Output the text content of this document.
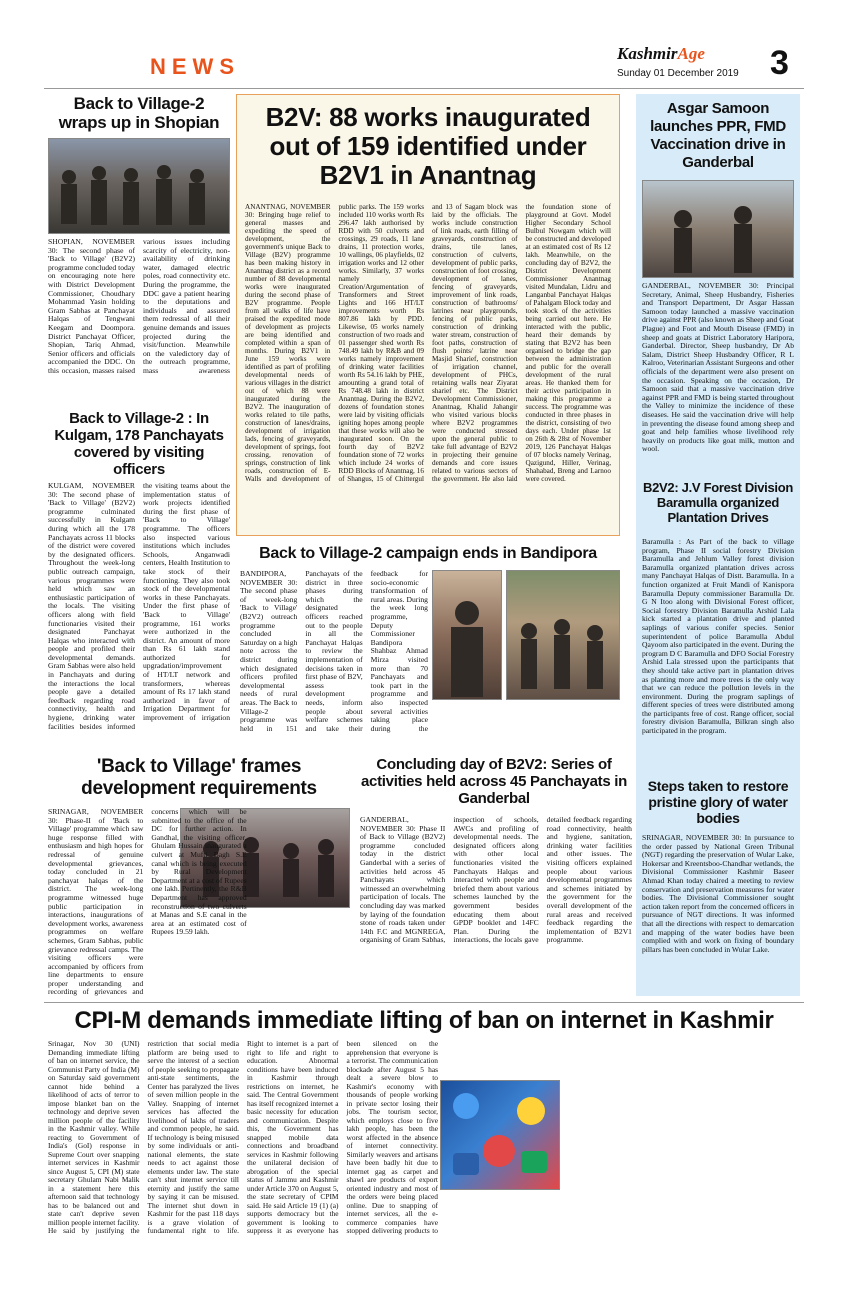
NEWS
KashmirAge
Sunday 01 December 2019 3
Back to Village-2 wraps up in Shopian
SHOPIAN, NOVEMBER 30: The second phase of 'Back to Village' (B2V2) programme concluded today on encouraging note here with District Development Commissioner, Choudhary Mohammad Yasin holding Gram Sabhas at Panchayat Halqas of Tengwani Keegam and Doompora. District Panchayat Officer, Shopian, Tariq Ahmad, Senior officers and officials accompanied the DDC. On this occasion, masses raised various issues including scarcity of electricity, non-availability of drinking water, damaged electric poles, road connectivity etc. During the programme, the DDC gave a patient hearing to the deputations and individuals and assured them redressal of all their genuine demands and issues projected during the visit/function. Meanwhile on the valedictory day of the outreach programme, mass awareness
Back to Village-2 : In Kulgam, 178 Panchayats covered by visiting officers
KULGAM, NOVEMBER 30: The second phase of 'Back to Village' (B2V2) programme culminated successfully in Kulgam during which all the 178 Panchayats across 11 blocks of the district were covered by the designated officers. Throughout the week-long public outreach campaign, various programmes were held which saw an enthusiastic participation of the locals. The visiting officers along with field functionaries visited their designated Panchayat Halqas who interacted with people and profiled their developmental demands. Gram Sabhas were also held in Panchayats and during the interactions the local people gave a detailed feedback regarding road connectivity, health and hygiene, drinking water facilities besides informed the visiting teams about the implementation status of work projects identified during the first phase of 'Back to Village' programme. The officers also inspected various institutions which includes Schools, Anganwadi centers, Health Institution to take stock of their functioning. They also took stock of the developmental works in these Panchayats. Under the first phase of 'Back to Village' programme, 161 works were authorized in the district. An amount of more than Rs 61 lakh stand authorized for upgradation/improvement of HT/LT network and transformers, whereas amount of Rs 17 lakh stand authorized in favor of Irrigation Department for improvement of irrigation
B2V: 88 works inaugurated out of 159 identified under B2V1 in Anantnag
ANANTNAG, NOVEMBER 30: Bringing huge relief to general masses and expediting the speed of development, the government's unique Back to Village (B2V) programme has been making history in Anantnag district as a record number of 88 developmental works were inaugurated during the second phase of B2V programme. People from all walks of life have praised the expedited mode of development as projects are being identified and completed within a span of months. During B2V1 in June 159 works were identified as part of profiling developmental needs of various villages in the district out of which 88 were inaugurated during the B2V2. The inauguration of works related to tile paths, construction of lanes/drains, development of irrigation lads, fencing of graveyards, development of springs, foot crossing, renovation of springs, construction of link roads, construction of E-Walls and development of public parks. The 159 works included 110 works worth Rs 296.47 lakh authorised by RDD with 50 culverts and crossings, 29 roads, 11 lane drains, 11 protection works, 10 wallings, 06 playfields, 02 irrigation works and 12 other works. Similarly, 37 works namely Creation/Argumentation of Transformers and Street Lights and 166 HT/LT improvements worth Rs 807.86 lakh by PDD. Likewise, 05 works namely construction of two roads and 01 passenger shed worth Rs 748.49 lakh by R&B and 09 works namely improvement of drinking water facilities worth Rs 54.16 lakh by PHE, amounting a grand total of Rs 748.48 lakh in district Anantnag. During the B2V2, dozens of foundation stones were laid by visiting officials igniting hopes among people that these works will also be inaugurated soon. On the fourth day of B2V2 foundation stone of 72 works which include 24 works of RDD Blocks of Anantnag, 16 of Shangus, 15 of Chittergul and 13 of Sagam block was laid by the officials. The works include construction of link roads, earth filling of graveyards, construction of drains, tile lanes, construction of culverts, development of public parks, construction of foot crossing, development of lanes, fencing of graveyards, improvement of link roads, construction of bathrooms/ latrines near playgrounds, fencing of public parks, construction of drinking water stream, construction of foot paths, construction of flush points/ latrine near Masjid Sharief, construction of irrigation channel, development of PHCs, retaining walls near Ziyarat sharief etc. The District Development Commissioner, Anantnag, Khalid Jahangir who visited various blocks where B2V2 programmes were conducted stressed upon the general public to take full advantage of B2V2 in projecting their genuine demands and core issues related to various sectors of the government. He also laid the foundation stone of playground at Govt. Model Higher Secondary School Bulbul Nowgam which will be constructed and developed at an estimated cost of Rs 12 lakh. Meanwhile, on the concluding day of B2V2, the District Development Commissioner Anantnag visited Mundalan, Lidru and Langanbal Panchayat Halqas of Pahalgam Block today and took stock of the activities being carried out here. He interacted with the public, heard their demands by stating that B2V2 has been organised to bridge the gap between the administration and public for the overall development of the rural areas. He thanked them for their active participation in making this programme a success. The programme was conducted in three phases in the district, consisting of two days each. Under phase 1st on 26th & 28st of November 2019, 126 Panchayat Halqas of 07 blocks namely Verinag, Qazigund, Hiller, Verinag, Shahabad, Breng and Larnoo were covered.
Back to Village-2 campaign ends in Bandipora
BANDIPORA, NOVEMBER 30: The second phase of week-long 'Back to Village' (B2V2) outreach programme concluded Saturday on a high note across the district during which designated officers profiled developmental needs of rural areas. The Back to Village-2 programme was held in 151 Panchayats of the district in three phases during which the designated officers reached out to the people in all the Panchayat Halqas to review the implementation of decisions taken in first phase of B2V, assess development needs, inform people about welfare schemes and take their feedback for socio-economic transformation of rural areas. During the week long programme, Deputy Commissioner Bandipora Shahbaz Ahmad Mirza visited more than 70 Panchayats and took part in the programme and also inspected several activities taking place during the
'Back to Village' frames development requirements
SRINAGAR, NOVEMBER 30: Phase-II of 'Back to Village' programme which saw huge response filled with enthusiasm and high hopes for redressal of genuine developmental grievances, today concluded in 21 panchayat halqas of the district. The week-long programme witnessed huge public participation in interactions, inaugurations of development works, awareness programmes on welfare schemes, Gram Sabhas, public grievance redressal camps. The visiting officers were accompanied by officers from line departments to ensure proper understanding and recording of grievances and concerns which will be submitted to the office of the DC for further action. In Gandhal, the visiting officer, Ghulam Hussain inaugurated a culvert at Mufti Bagh S.E canal which is being executed by Rural Development Department at a cost of Rupees one lakh. Pertinently, the R&B Department has approved reconstruction of two culverts at Manas and S.E canal in the area at an estimated cost of Rupees 19.59 lakh.
Concluding day of B2V2: Series of activities held across 45 Panchayats in Ganderbal
GANDERBAL, NOVEMBER 30: Phase II of Back to Village (B2V2) programme concluded today in the district Ganderbal with a series of activities held across 45 Panchayats which witnessed an overwhelming participation of locals. The concluding day was marked by laying of the foundation stone of roads taken under 14th F.C and MGNREGA, organising of Gram Sabhas, inspection of schools, AWCs and profiling of developmental needs. The designated officers along with other local functionaries visited the Panchayats Halqas and interacted with people and briefed them about various schemes launched by the government besides educating them about GPDP booklet and 14FC Plan. During the interactions, the locals gave detailed feedback regarding road connectivity, health and hygiene, sanitation, drinking water facilities and other issues. The visiting officers explained people about various developmental programmes and schemes initiated by the government for the overall development of the rural areas and received feedback regarding the implementation of B2V1 programme.
Asgar Samoon launches PPR, FMD Vaccination drive in Ganderbal
GANDERBAL, NOVEMBER 30: Principal Secretary, Animal, Sheep Husbandry, Fisheries and Transport Department, Dr Asgar Hassan Samoon today launched a massive vaccination drive against PPR (also known as Sheep and Goat Plague) and Foot and Mouth Disease (FMD) in sheep and goats at District Laboratory Haripora, Ganderbal. Director, Sheep husbandry, Dr Ab Salam, District Sheep Husbandry Officer, R L Kalroo, Veterinarian Assistant Surgeons and other officials of the department were also present on the occasion. Speaking on the occasion, Dr Samoon said that a massive vaccination drive against PPR and FMD is being started throughout the Valley to minimize the incidence of these diseases. He said the vaccination drive will help in preventing the disease found among sheep and goat and help families whose livelihood rely heavily on products like goat milk, mutton and wool.
B2V2: J.V Forest Division Baramulla organized Plantation Drives
Baramulla : As Part of the back to village program, Phase II social forestry Division Baramulla and Jehlum Valley forest division Baramulla organized plantation drives across many Panchayat Halqas of Distt. Baramulla. In a function organized at Fruit Mandi of Kanispora Baramulla Deputy commissioner Baramulla Dr. G N Itoo along with Divisional Forest officer, Social forestry Division Baramulla Arshid Lala kick started a plantation drive and planted saplings of various conifer species. Senior superintendent of police Baramulla Abdul Qayoom also participated in the event. During the program D C Baramulla and DFO Social Forestry Arshid Lala stressed upon the participants that they should take active part in plantation drives as planting more and more trees is the only way that we can reduce the pollution levels in the environment. During the program saplings of different species of trees were distributed among the participants free of cost. Range officer, social forestry division Baramulla, Bilkran singh also participated in the program.
Steps taken to restore pristine glory of water bodies
SRINAGAR, NOVEMBER 30: In pursuance to the order passed by National Green Tribunal (NGT) regarding the preservation of Wular Lake, Hokersar and Kreentsboo-Chandhar wetlands, the Divisional Commissioner Kashmir Baseer Ahmad Khan today chaired a meeting to review conservation and preservation measures for water bodies. The Divisional Commissioner sought action taken report from the concerned officers in pursuance of NGT directions. It was informed that all the directions with respect to demarcation and mapping of the water bodies have been complied with and work on fixing of boundary pillars has been concluded in Wular Lake.
CPI-M demands immediate lifting of ban on internet in Kashmir
Srinagar, Nov 30 (UNI) Demanding immediate lifting of ban on internet service, the Communist Party of India (M) on Saturday said government cannot hide behind a likelihood of acts of terror to impose blanket ban on the technology and deprive seven million people of the facility in the Kashmir valley. While reacting to Government of India's (GoI) response in Supreme Court over snapping internet services in Kashmir since August 5, CPI (M) state secretary Ghulam Nabi Malik in a statement here this afternoon said that technology has to be balanced out and state can't deprive seven million people internet facility. He said by justifying the restriction that social media platform are being used to serve the interest of a section of people seeking to propagate anti-state sentiments, the Center has paralyzed the lives of seven million people in the Valley. Snapping of internet services has affected the livelihood of lakhs of traders and common people, he said. If technology is being misused by some individuals or anti-national elements, the state needs to act against those elements under law. The state can't shut internet service till eternity and justify the same by saying it can be misused. The internet shut down in Kashmir for the past 118 days is a grave violation of fundamental right to life. Right to internet is a part of right to life and right to education. Abnormal conditions have been induced in Kashmir through restrictions on internet, he said. The Central Government has itself recognized internet a basic necessity for education and communication. Despite this, the Government has snapped mobile data connections and broadband services in Kashmir following the unilateral decision of abrogation of the special status of Jammu and Kashmir under Article 370 on August 5, the state secretary of CPIM said. He said Article 19 (1) (a) supports democracy but the government is looking to suppress it as everyone has been silenced on the apprehension that everyone is a terrorist. The communication blockade after August 5 has dealt a severe blow to Kashmir's economy with thousands of people working in private sector losing their jobs. The tourism sector, which employs close to five lakh people, has been the worst affected in the absence of internet connectivity. Similarly weavers and artisans have been badly hit due to internet gag as carpet and shawl are products of export oriented industry and most of the orders were being placed online. Due to snapping of internet services, all the e-commerce companies have stopped delivering products to
